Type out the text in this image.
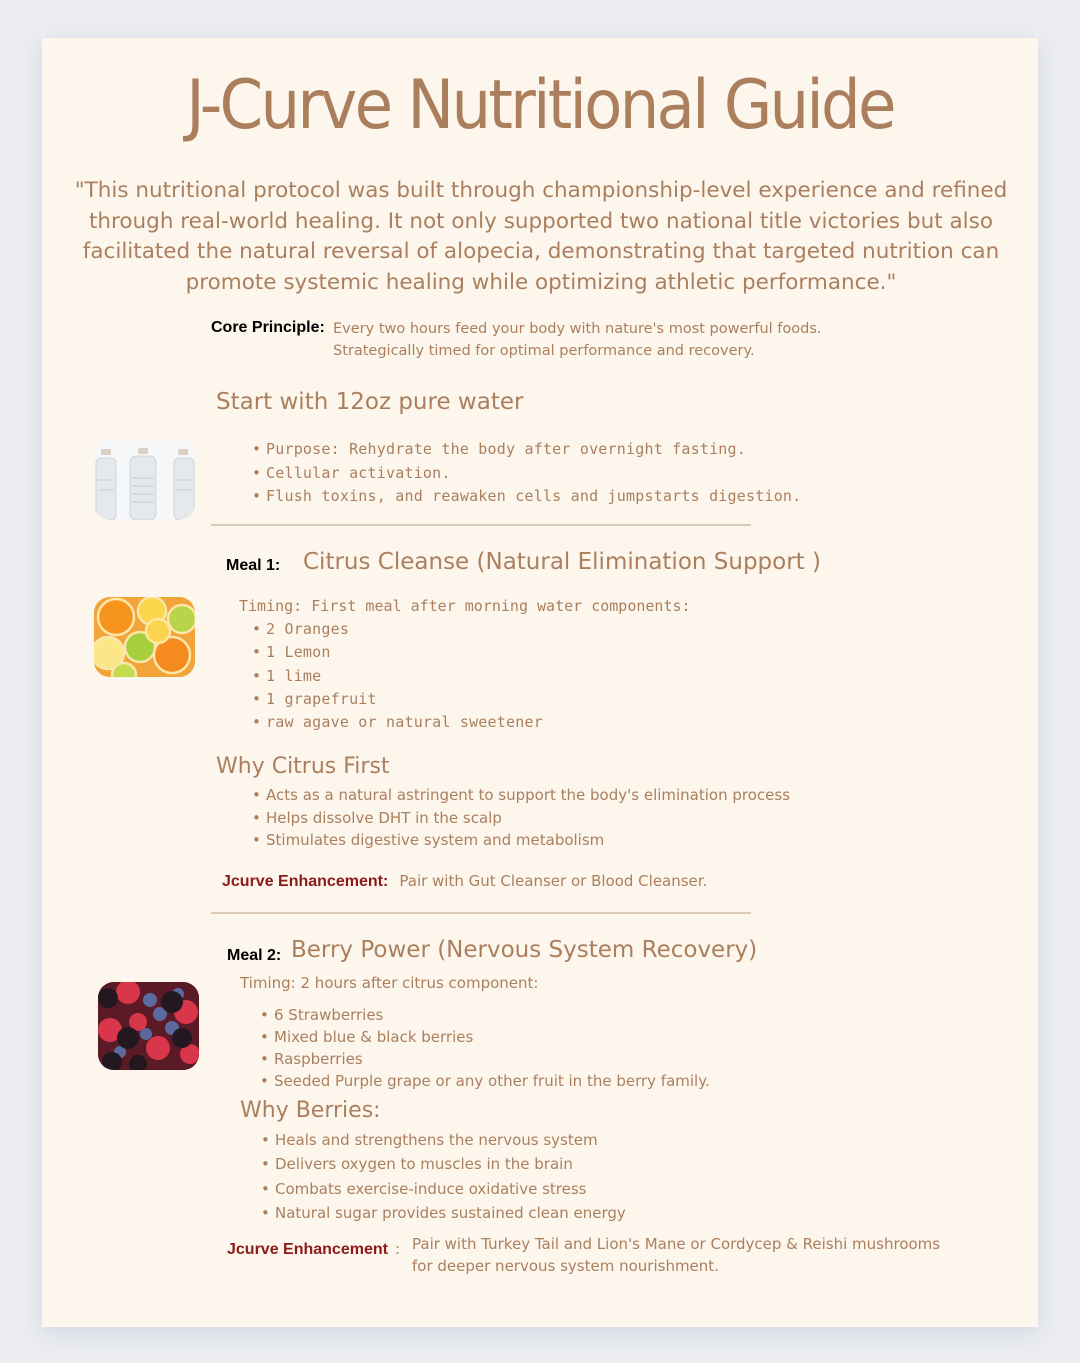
J-Curve Nutritional Guide
"This nutritional protocol was built through championship-level experience and refined through real-world healing. It not only supported two national title victories but also facilitated the natural reversal of alopecia, demonstrating that targeted nutrition can promote systemic healing while optimizing athletic performance."
Core Principle: Every two hours feed your body with nature's most powerful foods.
Strategically timed for optimal performance and recovery.
Start with 12oz pure water
• Purpose: Rehydrate the body after overnight fasting.
• Cellular activation.
• Flush toxins, and reawaken cells and jumpstarts digestion.
Meal 1: Citrus Cleanse (Natural Elimination Support )
Timing: First meal after morning water components:
• 2 Oranges
• 1 Lemon
• 1 lime
• 1 grapefruit
• raw agave or natural sweetener
Why Citrus First
• Acts as a natural astringent to support the body's elimination process
• Helps dissolve DHT in the scalp
• Stimulates digestive system and metabolism
Jcurve Enhancement: Pair with Gut Cleanser or Blood Cleanser.
Meal 2: Berry Power (Nervous System Recovery)
Timing: 2 hours after citrus component:
• 6 Strawberries
• Mixed blue & black berries
• Raspberries
• Seeded Purple grape or any other fruit in the berry family.
Why Berries:
• Heals and strengthens the nervous system
• Delivers oxygen to muscles in the brain
• Combats exercise-induce oxidative stress
• Natural sugar provides sustained clean energy
Jcurve Enhancement : Pair with Turkey Tail and Lion's Mane or Cordycep & Reishi mushrooms
for deeper nervous system nourishment.
